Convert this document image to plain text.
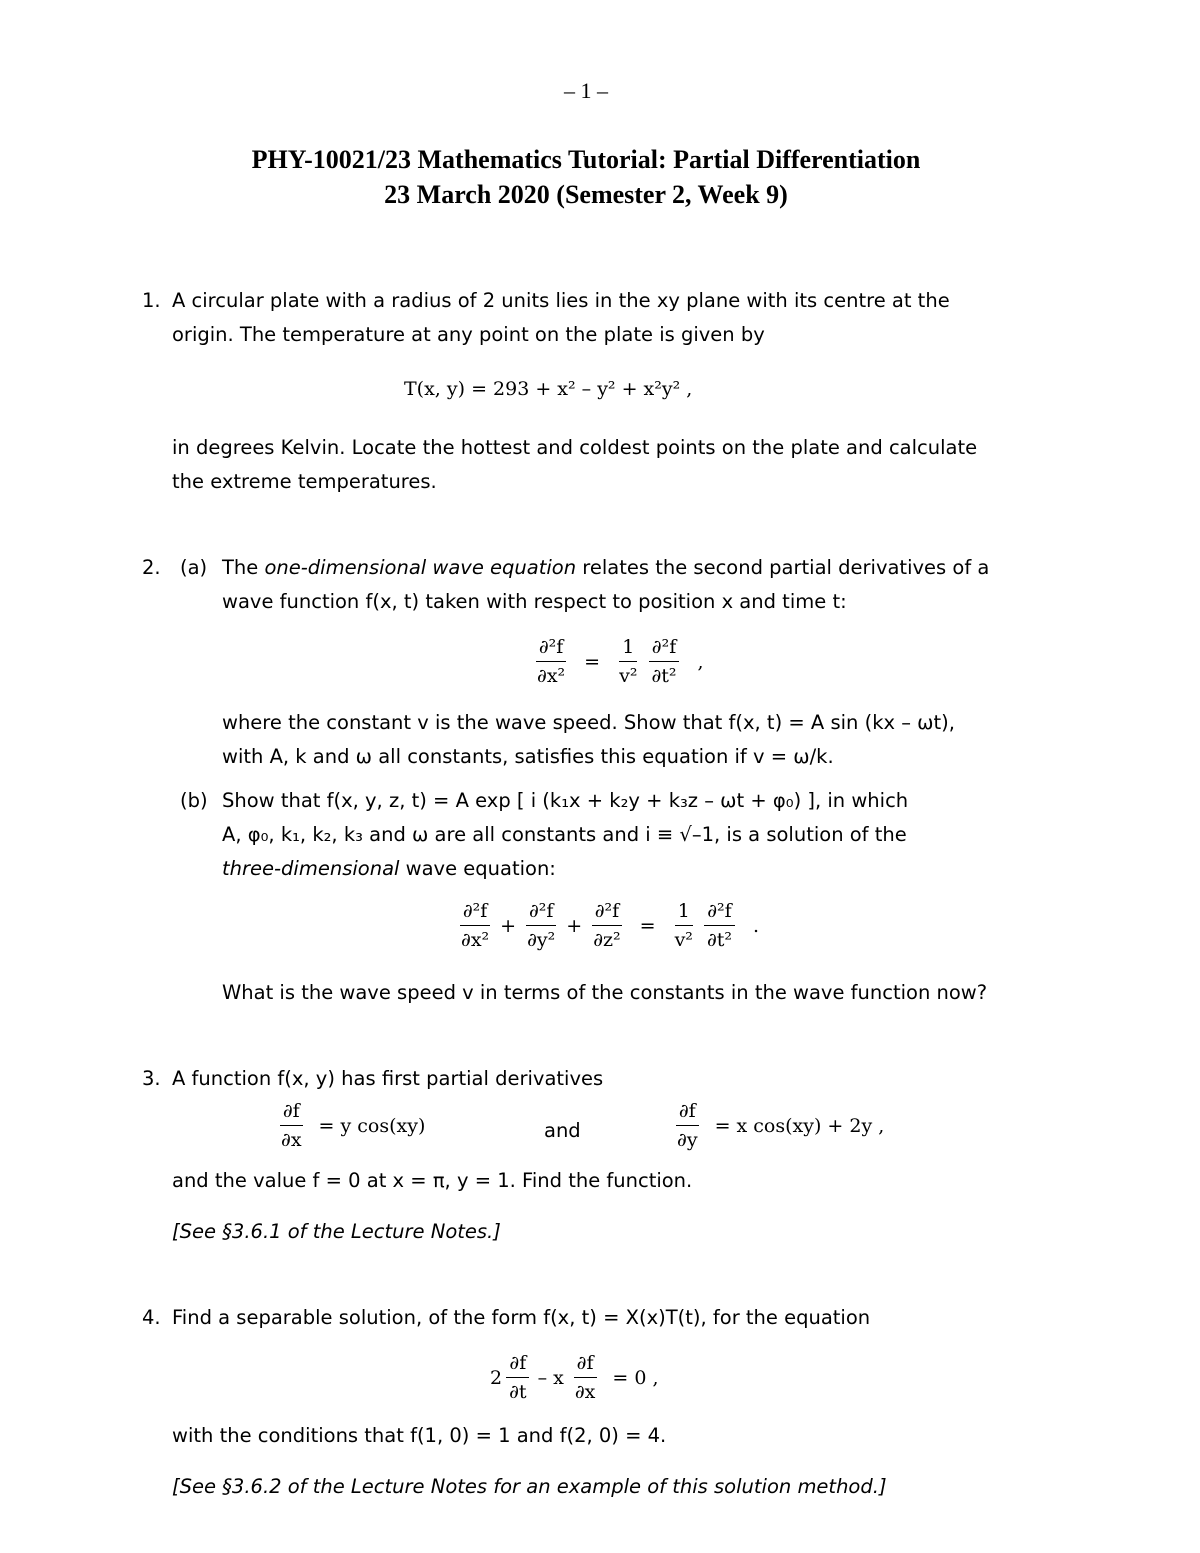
– 1 –
PHY-10021/23 Mathematics Tutorial: Partial Differentiation
23 March 2020 (Semester 2, Week 9)
1. A circular plate with a radius of 2 units lies in the xy plane with its centre at the
origin. The temperature at any point on the plate is given by
T(x, y) = 293 + x² – y² + x²y² ,
in degrees Kelvin. Locate the hottest and coldest points on the plate and calculate
the extreme temperatures.
2. (a) The one-dimensional wave equation relates the second partial derivatives of a
wave function f(x, t) taken with respect to position x and time t:
$\frac{\text{∂²f}}{\text{∂x²}} = \frac{1}{\text{v²}} \frac{\text{∂²f}}{\text{∂t²}}$ ,
where the constant v is the wave speed. Show that f(x, t) = A sin (kx – ωt),
with A, k and ω all constants, satisfies this equation if v = ω/k.
(b) Show that f(x, y, z, t) = A exp [ i (k₁x + k₂y + k₃z – ωt + φ₀) ], in which
A, φ₀, k₁, k₂, k₃ and ω are all constants and i ≡ √–1, is a solution of the
three-dimensional wave equation:
$\frac{\text{∂²f}}{\text{∂x²}} + \frac{\text{∂²f}}{\text{∂y²}} + \frac{\text{∂²f}}{\text{∂z²}} = \frac{1}{\text{v²}} \frac{\text{∂²f}}{\text{∂t²}}$ .
What is the wave speed v in terms of the constants in the wave function now?
3. A function f(x, y) has first partial derivatives
$\frac{\partial f}{\partial x} = y$ cos(xy)	and	$\frac{\partial f}{\partial y} = x$ cos(xy) + 2y ,
and the value f = 0 at x = π, y = 1. Find the function.
[See §3.6.1 of the Lecture Notes.]
4. Find a separable solution, of the form f(x, t) = X(x)T(t), for the equation
$2 \frac{\partial f}{\partial t} - x \frac{\partial f}{\partial x} = 0$ ,
with the conditions that f(1, 0) = 1 and f(2, 0) = 4.
[See §3.6.2 of the Lecture Notes for an example of this solution method.]
